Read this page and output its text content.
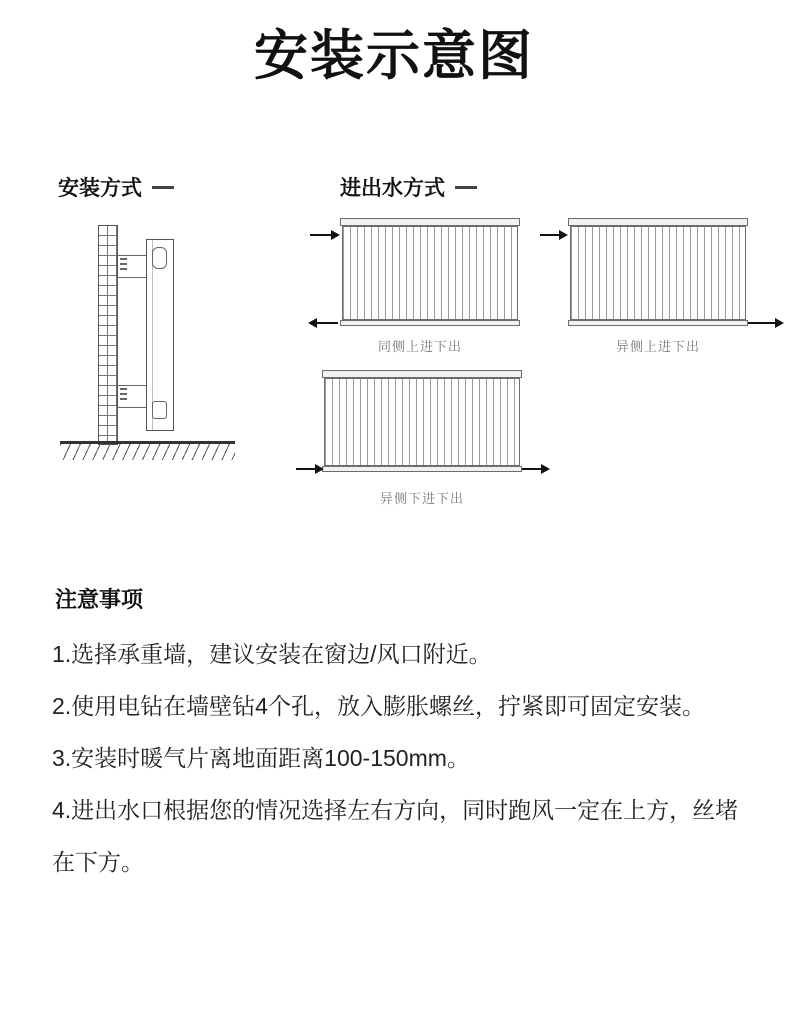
安装示意图
安装方式	进出水方式
同侧上进下出	异侧上进下出
异侧下进下出
注意事项

1.选择承重墙，建议安装在窗边/风口附近。

2.使用电钻在墙壁钻4个孔，放入膨胀螺丝，拧紧即可固定安装。

3.安装时暖气片离地面距离100-150mm。

4.进出水口根据您的情况选择左右方向，同时跑风一定在上方，丝堵在下方。
